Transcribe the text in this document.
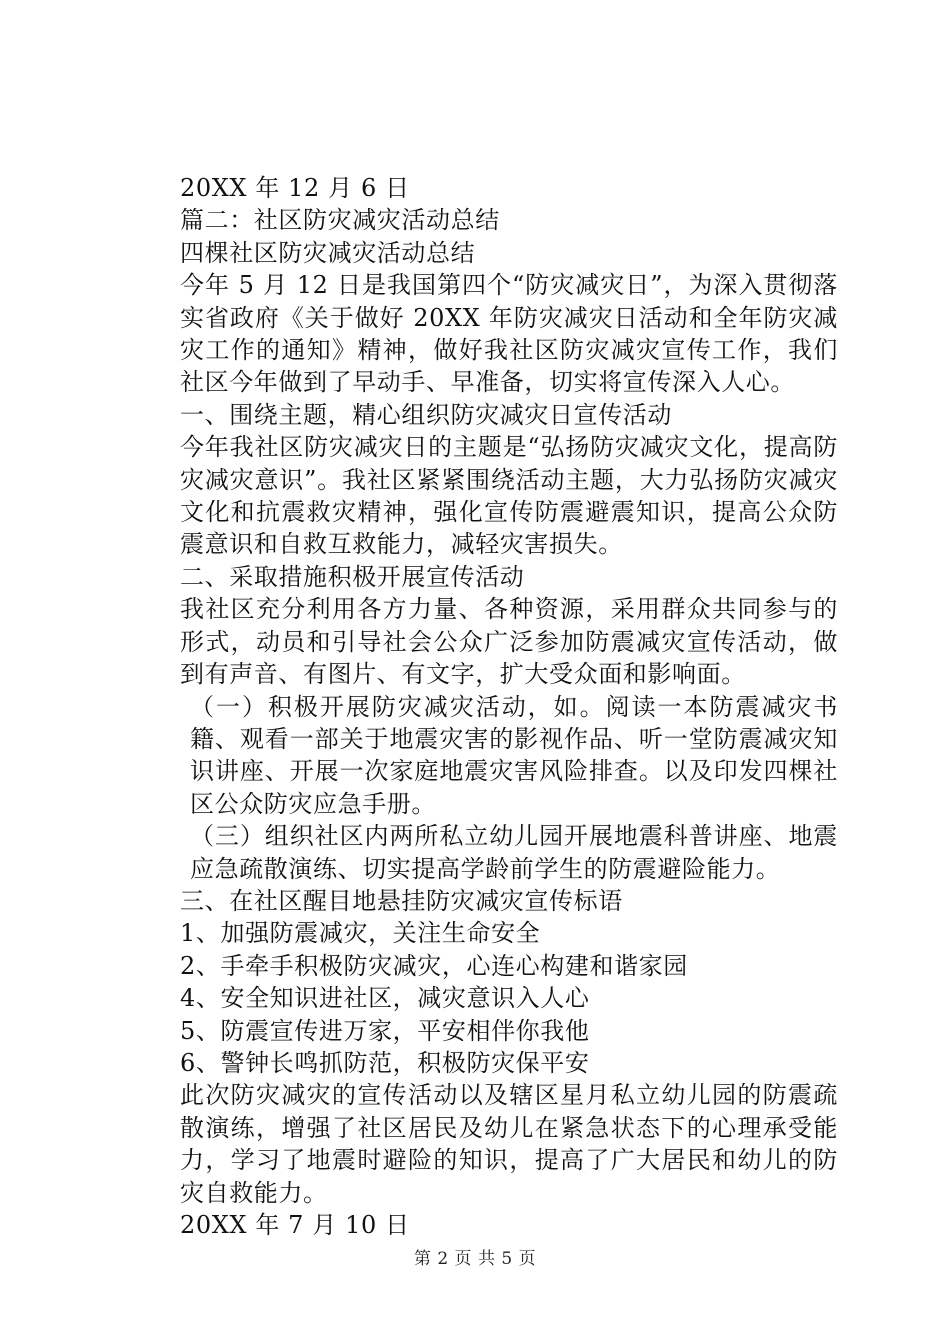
20XX 年 12 月 6 日

篇二：社区防灾减灾活动总结

四棵社区防灾减灾活动总结

今年 5 月 12 日是我国第四个“防灾减灾日”，为深入贯彻落实省政府《关于做好 20XX 年防灾减灾日活动和全年防灾减灾工作的通知》精神，做好我社区防灾减灾宣传工作，我们社区今年做到了早动手、早准备，切实将宣传深入人心。

一、围绕主题，精心组织防灾减灾日宣传活动

今年我社区防灾减灾日的主题是“弘扬防灾减灾文化，提高防灾减灾意识”。我社区紧紧围绕活动主题，大力弘扬防灾减灾文化和抗震救灾精神，强化宣传防震避震知识，提高公众防震意识和自救互救能力，减轻灾害损失。

二、采取措施积极开展宣传活动

我社区充分利用各方力量、各种资源，采用群众共同参与的形式，动员和引导社会公众广泛参加防震减灾宣传活动，做到有声音、有图片、有文字，扩大受众面和影响面。

（一）积极开展防灾减灾活动，如。阅读一本防震减灾书籍、观看一部关于地震灾害的影视作品、听一堂防震减灾知识讲座、开展一次家庭地震灾害风险排查。以及印发四棵社区公众防灾应急手册。

（三）组织社区内两所私立幼儿园开展地震科普讲座、地震应急疏散演练、切实提高学龄前学生的防震避险能力。

三、在社区醒目地悬挂防灾减灾宣传标语

1、加强防震减灾，关注生命安全

2、手牵手积极防灾减灾，心连心构建和谐家园

4、安全知识进社区，减灾意识入人心

5、防震宣传进万家，平安相伴你我他

6、警钟长鸣抓防范，积极防灾保平安

此次防灾减灾的宣传活动以及辖区星月私立幼儿园的防震疏散演练，增强了社区居民及幼儿在紧急状态下的心理承受能力，学习了地震时避险的知识，提高了广大居民和幼儿的防灾自救能力。

20XX 年 7 月 10 日

第 2 页 共 5 页
